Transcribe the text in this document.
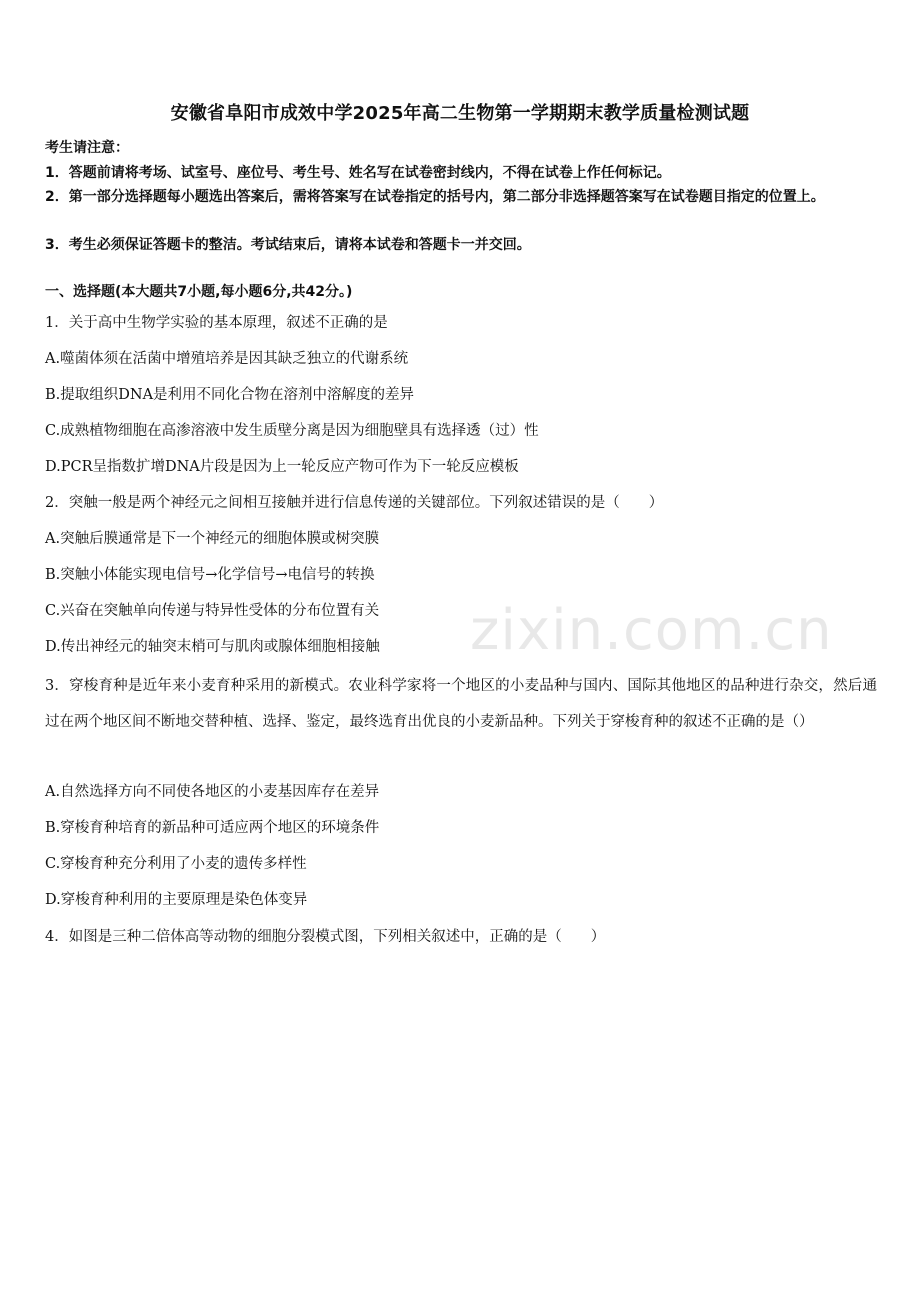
安徽省阜阳市成效中学2025年高二生物第一学期期末教学质量检测试题
考生请注意：
1．答题前请将考场、试室号、座位号、考生号、姓名写在试卷密封线内，不得在试卷上作任何标记。
2．第一部分选择题每小题选出答案后，需将答案写在试卷指定的括号内，第二部分非选择题答案写在试卷题目指定的位置上。
3．考生必须保证答题卡的整洁。考试结束后，请将本试卷和答题卡一并交回。
一、选择题(本大题共7小题,每小题6分,共42分。)
1．关于高中生物学实验的基本原理，叙述不正确的是
A.噬菌体须在活菌中增殖培养是因其缺乏独立的代谢系统
B.提取组织DNA是利用不同化合物在溶剂中溶解度的差异
C.成熟植物细胞在高渗溶液中发生质壁分离是因为细胞壁具有选择透（过）性
D.PCR呈指数扩增DNA片段是因为上一轮反应产物可作为下一轮反应模板
2．突触一般是两个神经元之间相互接触并进行信息传递的关键部位。下列叙述错误的是（　　）
A.突触后膜通常是下一个神经元的细胞体膜或树突膜
B.突触小体能实现电信号→化学信号→电信号的转换
C.兴奋在突触单向传递与特异性受体的分布位置有关
D.传出神经元的轴突末梢可与肌肉或腺体细胞相接触
3．穿梭育种是近年来小麦育种采用的新模式。农业科学家将一个地区的小麦品种与国内、国际其他地区的品种进行杂交，然后通过在两个地区间不断地交替种植、选择、鉴定，最终选育出优良的小麦新品种。下列关于穿梭育种的叙述不正确的是（）
A.自然选择方向不同使各地区的小麦基因库存在差异
B.穿梭育种培育的新品种可适应两个地区的环境条件
C.穿梭育种充分利用了小麦的遗传多样性
D.穿梭育种利用的主要原理是染色体变异
4．如图是三种二倍体高等动物的细胞分裂模式图，下列相关叙述中，正确的是（　　）
zixin.com.cn
